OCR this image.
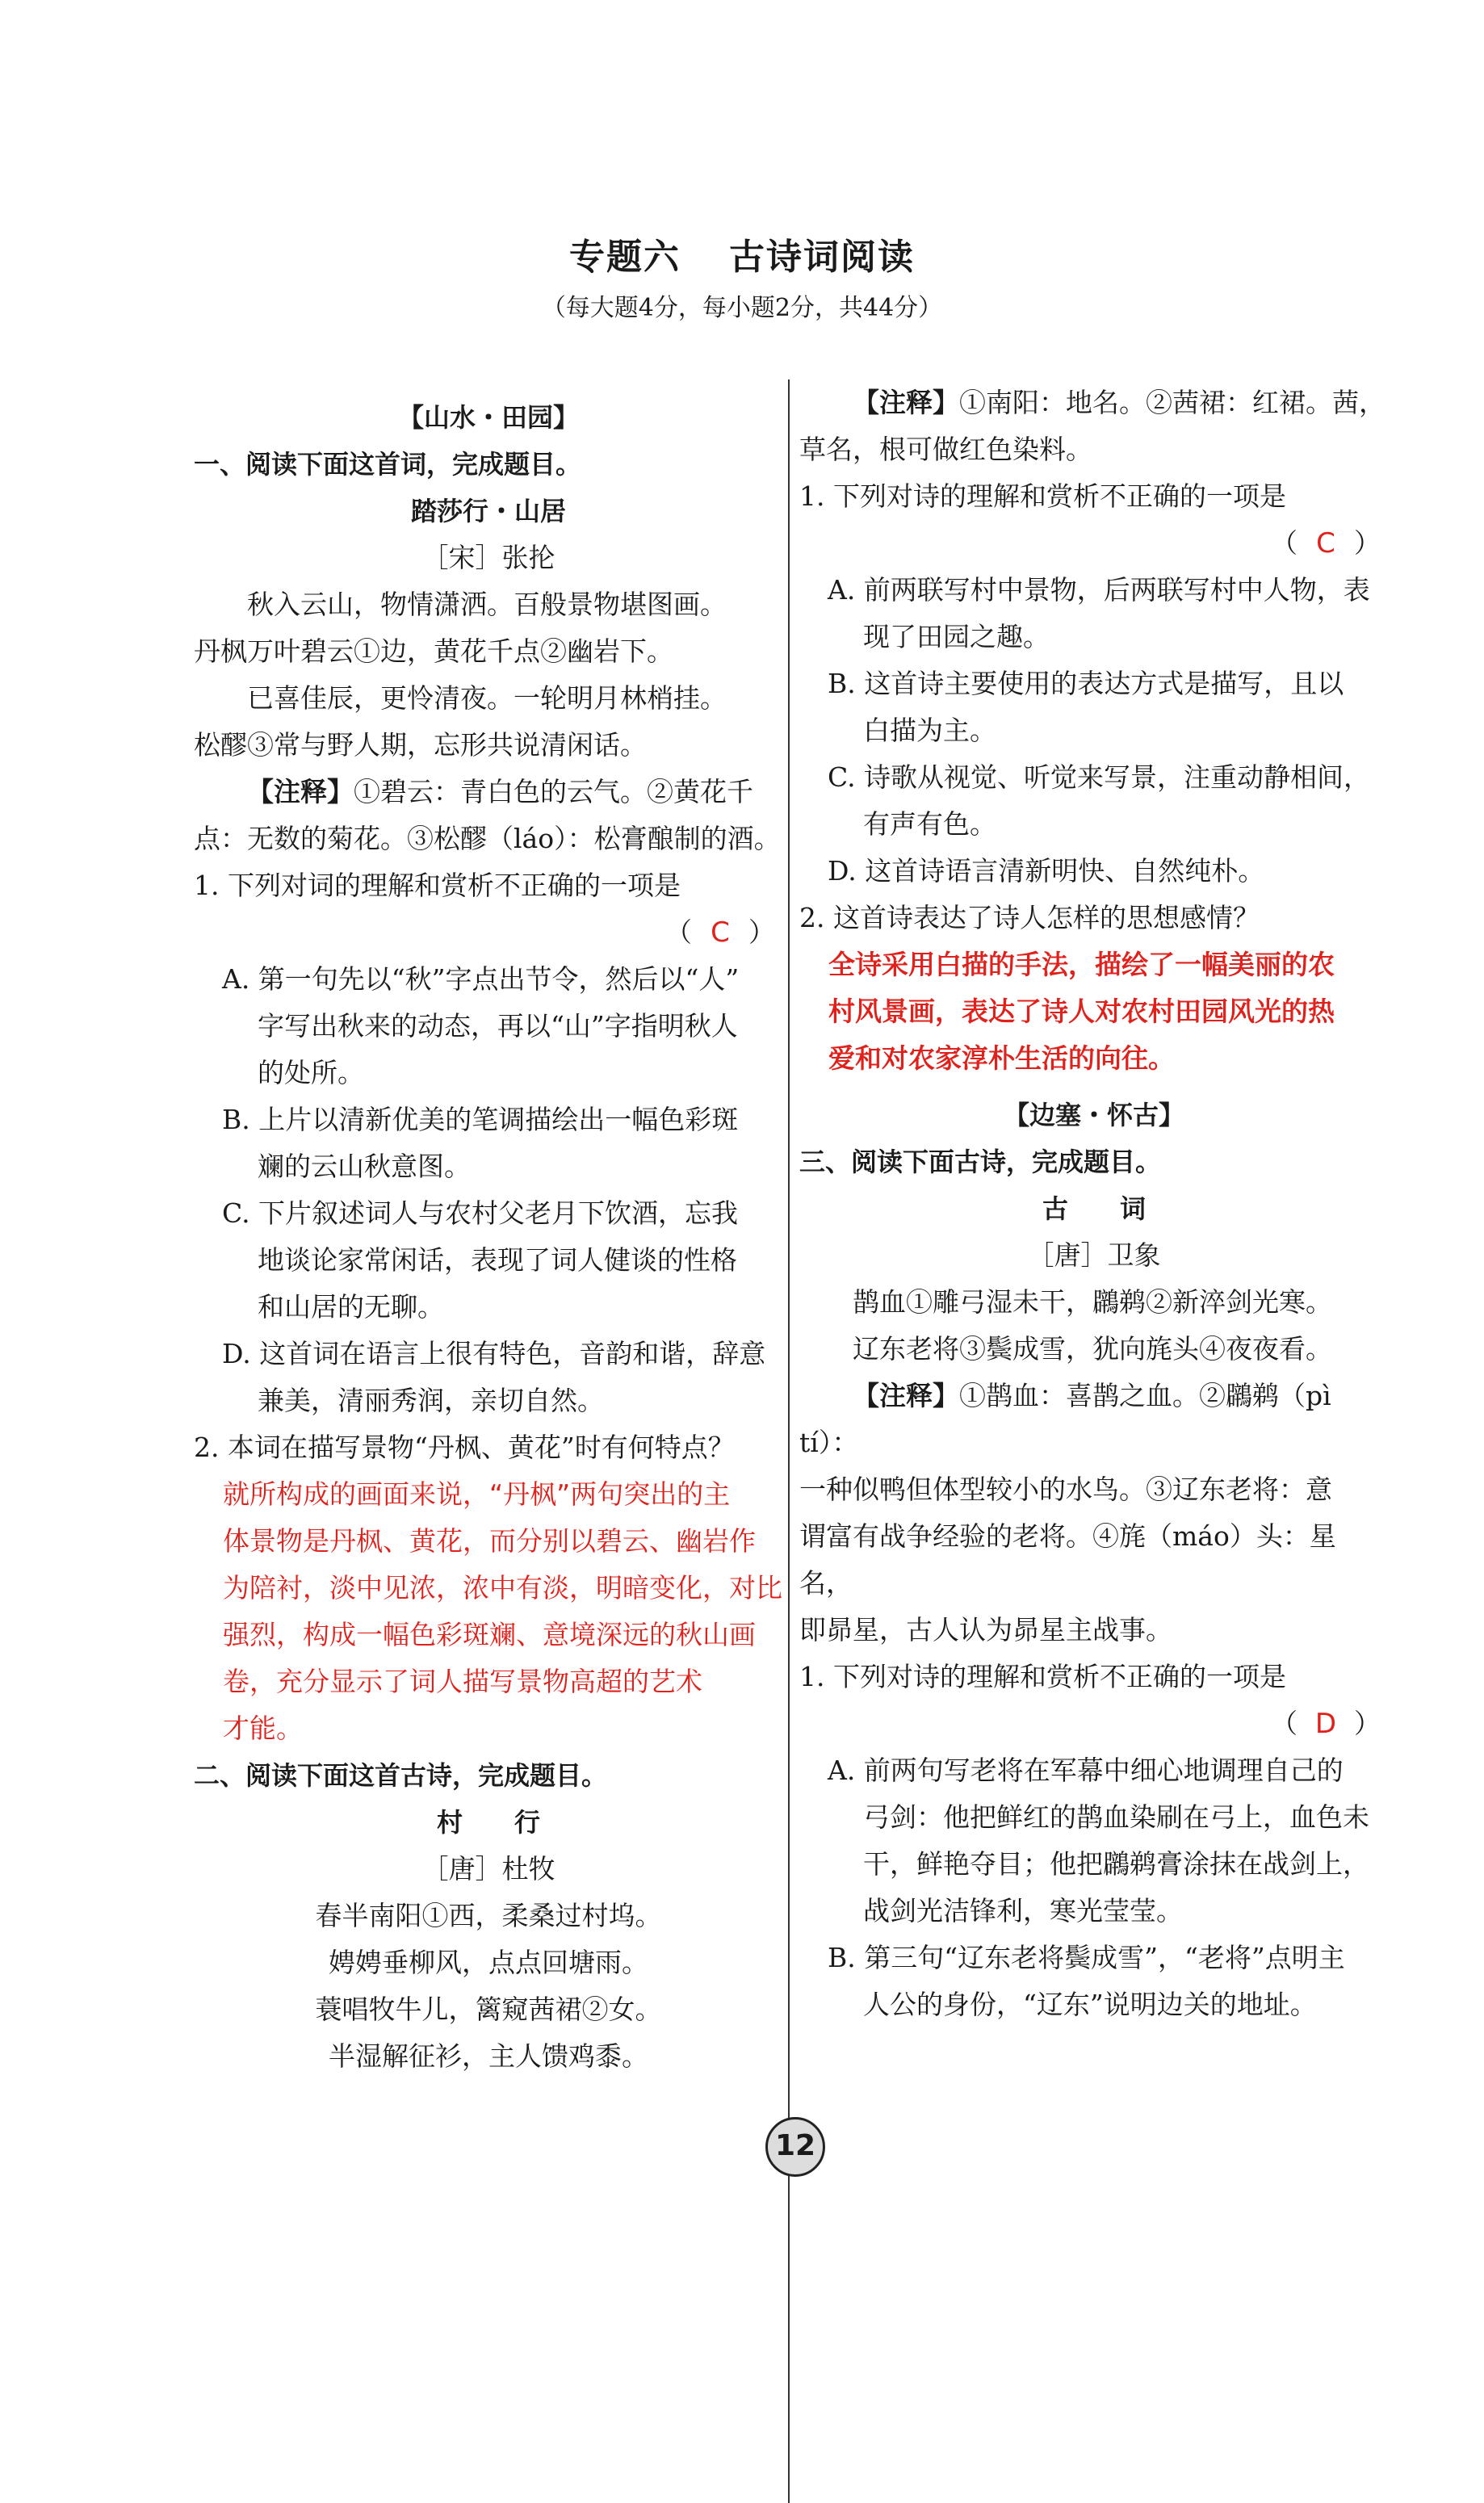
专题六 古诗词阅读
（每大题4分，每小题2分，共44分）
【山水・田园】
一、阅读下面这首词，完成题目。
踏莎行・山居
［宋］张抡
秋入云山，物情潇洒。百般景物堪图画。
丹枫万叶碧云①边，黄花千点②幽岩下。
已喜佳辰，更怜清夜。一轮明月林梢挂。
松醪③常与野人期，忘形共说清闲话。
【注释】①碧云：青白色的云气。②黄花千
点：无数的菊花。③松醪（láo）：松膏酿制的酒。
1. 下列对词的理解和赏析不正确的一项是
（ C ）
A. 第一句先以“秋”字点出节令，然后以“人”
字写出秋来的动态，再以“山”字指明秋人
的处所。
B. 上片以清新优美的笔调描绘出一幅色彩斑
斓的云山秋意图。
C. 下片叙述词人与农村父老月下饮酒，忘我
地谈论家常闲话，表现了词人健谈的性格
和山居的无聊。
D. 这首词在语言上很有特色，音韵和谐，辞意
兼美，清丽秀润，亲切自然。
2. 本词在描写景物“丹枫、黄花”时有何特点？
就所构成的画面来说，“丹枫”两句突出的主
体景物是丹枫、黄花，而分别以碧云、幽岩作
为陪衬，淡中见浓，浓中有淡，明暗变化，对比
强烈，构成一幅色彩斑斓、意境深远的秋山画
卷，充分显示了词人描写景物高超的艺术
才能。
二、阅读下面这首古诗，完成题目。
村　　行
［唐］杜牧
春半南阳①西，柔桑过村坞。
娉娉垂柳风，点点回塘雨。
蓑唱牧牛儿，篱窥茜裙②女。
半湿解征衫，主人馈鸡黍。
【注释】①南阳：地名。②茜裙：红裙。茜，
草名，根可做红色染料。
1. 下列对诗的理解和赏析不正确的一项是
（ C ）
A. 前两联写村中景物，后两联写村中人物，表
现了田园之趣。
B. 这首诗主要使用的表达方式是描写，且以
白描为主。
C. 诗歌从视觉、听觉来写景，注重动静相间，
有声有色。
D. 这首诗语言清新明快、自然纯朴。
2. 这首诗表达了诗人怎样的思想感情？
全诗采用白描的手法，描绘了一幅美丽的农
村风景画，表达了诗人对农村田园风光的热
爱和对农家淳朴生活的向往。
【边塞・怀古】
三、阅读下面古诗，完成题目。
古　　词
［唐］卫象
鹊血①雕弓湿未干，鸊鹈②新淬剑光寒。
辽东老将③鬓成雪，犹向旄头④夜夜看。
【注释】①鹊血：喜鹊之血。②鸊鹈（pì tí）：
一种似鸭但体型较小的水鸟。③辽东老将：意
谓富有战争经验的老将。④旄（máo）头：星名，
即昴星，古人认为昴星主战事。
1. 下列对诗的理解和赏析不正确的一项是
（ D ）
A. 前两句写老将在军幕中细心地调理自己的
弓剑：他把鲜红的鹊血染刷在弓上，血色未
干，鲜艳夺目；他把鸊鹈膏涂抹在战剑上，
战剑光洁锋利，寒光莹莹。
B. 第三句“辽东老将鬓成雪”，“老将”点明主
人公的身份，“辽东”说明边关的地址。
12
